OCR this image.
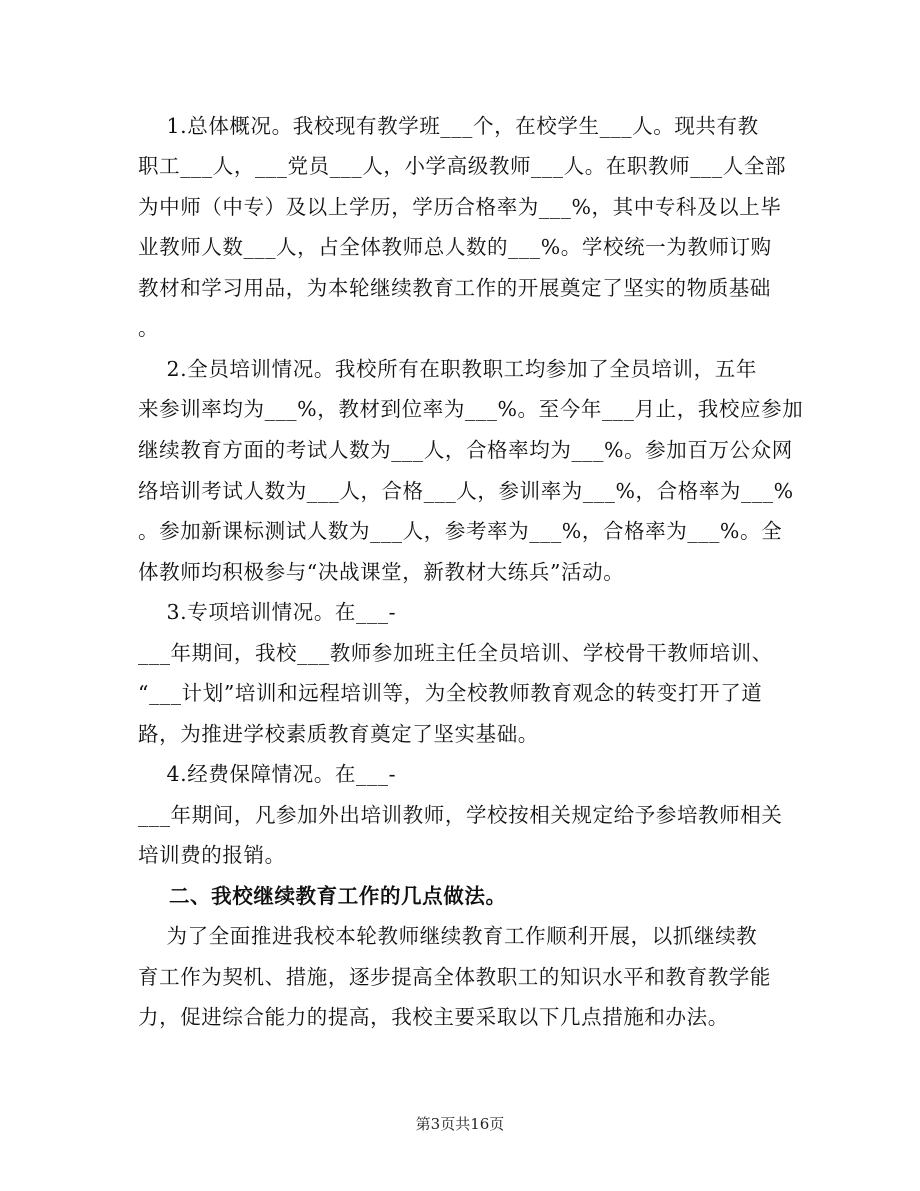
1.总体概况。我校现有教学班___个，在校学生___人。现共有教
职工___人，___党员___人，小学高级教师___人。在职教师___人全部
为中师（中专）及以上学历，学历合格率为___%，其中专科及以上毕
业教师人数___人，占全体教师总人数的___%。学校统一为教师订购
教材和学习用品，为本轮继续教育工作的开展奠定了坚实的物质基础
。
2.全员培训情况。我校所有在职教职工均参加了全员培训，五年
来参训率均为___%，教材到位率为___%。至今年___月止，我校应参加
继续教育方面的考试人数为___人，合格率均为___%。参加百万公众网
络培训考试人数为___人，合格___人，参训率为___%，合格率为___%
。参加新课标测试人数为___人，参考率为___%，合格率为___%。全
体教师均积极参与“决战课堂，新教材大练兵”活动。
3.专项培训情况。在___-
___年期间，我校___教师参加班主任全员培训、学校骨干教师培训、
“___计划”培训和远程培训等，为全校教师教育观念的转变打开了道
路，为推进学校素质教育奠定了坚实基础。
4.经费保障情况。在___-
___年期间，凡参加外出培训教师，学校按相关规定给予参培教师相关
培训费的报销。
二、我校继续教育工作的几点做法。
为了全面推进我校本轮教师继续教育工作顺利开展，以抓继续教
育工作为契机、措施，逐步提高全体教职工的知识水平和教育教学能
力，促进综合能力的提高，我校主要采取以下几点措施和办法。
第3页共16页
